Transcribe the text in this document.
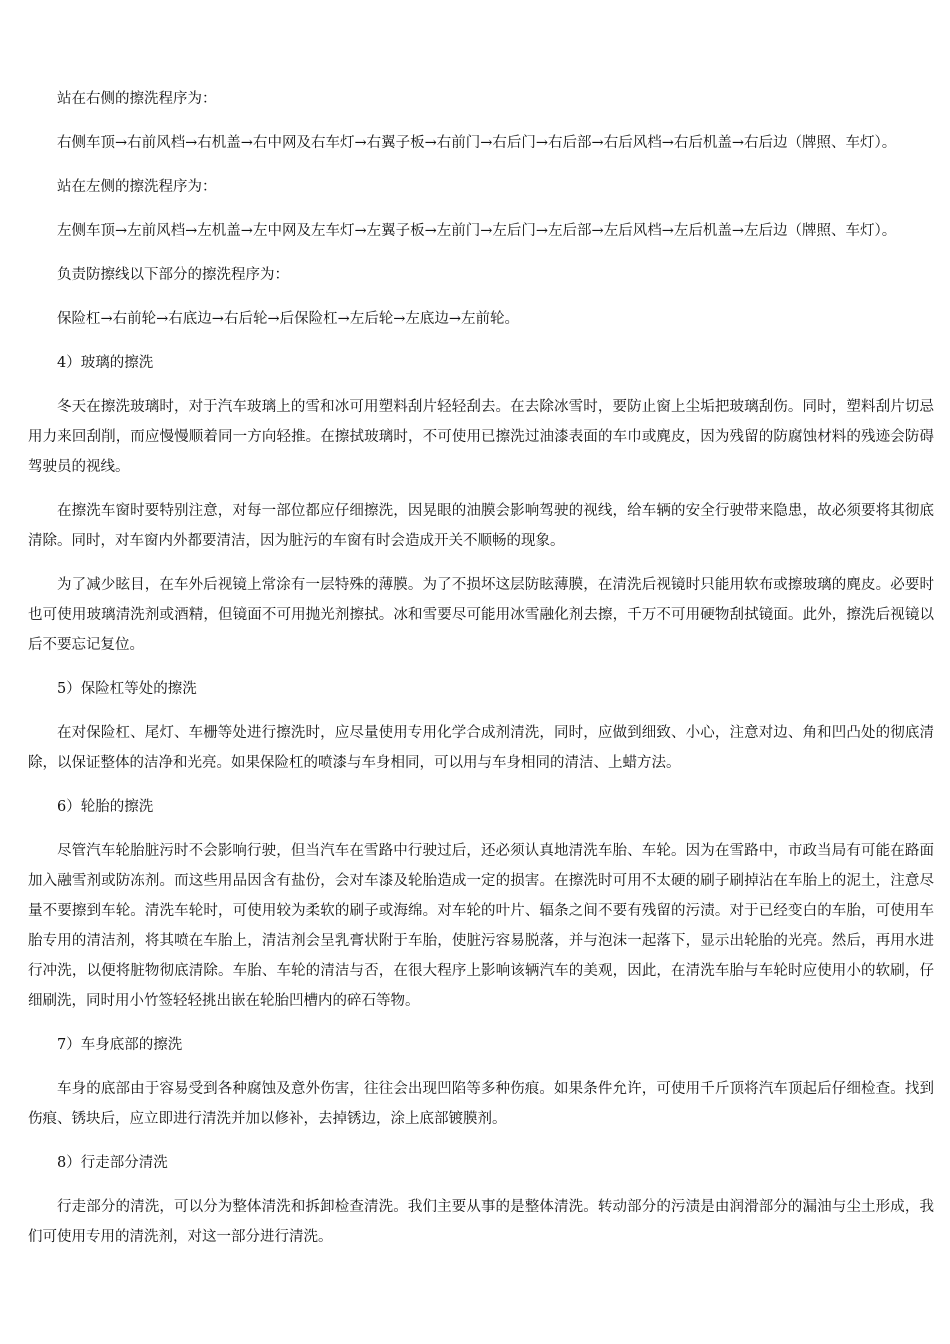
站在右侧的擦洗程序为：

右侧车顶→右前风档→右机盖→右中网及右车灯→右翼子板→右前门→右后门→右后部→右后风档→右后机盖→右后边（牌照、车灯）。

站在左侧的擦洗程序为：

左侧车顶→左前风档→左机盖→左中网及左车灯→左翼子板→左前门→左后门→左后部→左后风档→左后机盖→左后边（牌照、车灯）。

负责防擦线以下部分的擦洗程序为：

保险杠→右前轮→右底边→右后轮→后保险杠→左后轮→左底边→左前轮。

4）玻璃的擦洗

冬天在擦洗玻璃时，对于汽车玻璃上的雪和冰可用塑料刮片轻轻刮去。在去除冰雪时，要防止窗上尘垢把玻璃刮伤。同时，塑料刮片切忌用力来回刮削，而应慢慢顺着同一方向轻推。在擦拭玻璃时，不可使用已擦洗过油漆表面的车巾或麂皮，因为残留的防腐蚀材料的残迹会防碍驾驶员的视线。

在擦洗车窗时要特别注意，对每一部位都应仔细擦洗，因晃眼的油膜会影响驾驶的视线，给车辆的安全行驶带来隐患，故必须要将其彻底清除。同时，对车窗内外都要清洁，因为脏污的车窗有时会造成开关不顺畅的现象。

为了减少眩目，在车外后视镜上常涂有一层特殊的薄膜。为了不损坏这层防眩薄膜，在清洗后视镜时只能用软布或擦玻璃的麂皮。必要时也可使用玻璃清洗剂或酒精，但镜面不可用抛光剂擦拭。冰和雪要尽可能用冰雪融化剂去擦，千万不可用硬物刮拭镜面。此外，擦洗后视镜以后不要忘记复位。

5）保险杠等处的擦洗

在对保险杠、尾灯、车栅等处进行擦洗时，应尽量使用专用化学合成剂清洗，同时，应做到细致、小心，注意对边、角和凹凸处的彻底清除，以保证整体的洁净和光亮。如果保险杠的喷漆与车身相同，可以用与车身相同的清洁、上蜡方法。

6）轮胎的擦洗

尽管汽车轮胎脏污时不会影响行驶，但当汽车在雪路中行驶过后，还必须认真地清洗车胎、车轮。因为在雪路中，市政当局有可能在路面加入融雪剂或防冻剂。而这些用品因含有盐份，会对车漆及轮胎造成一定的损害。在擦洗时可用不太硬的刷子刷掉沾在车胎上的泥土，注意尽量不要擦到车轮。清洗车轮时，可使用较为柔软的刷子或海绵。对车轮的叶片、辐条之间不要有残留的污渍。对于已经变白的车胎，可使用车胎专用的清洁剂，将其喷在车胎上，清洁剂会呈乳膏状附于车胎，使脏污容易脱落，并与泡沫一起落下，显示出轮胎的光亮。然后，再用水进行冲洗，以便将脏物彻底清除。车胎、车轮的清洁与否，在很大程序上影响该辆汽车的美观，因此，在清洗车胎与车轮时应使用小的软刷，仔细刷洗，同时用小竹签轻轻挑出嵌在轮胎凹槽内的碎石等物。

7）车身底部的擦洗

车身的底部由于容易受到各种腐蚀及意外伤害，往往会出现凹陷等多种伤痕。如果条件允许，可使用千斤顶将汽车顶起后仔细检查。找到伤痕、锈块后，应立即进行清洗并加以修补，去掉锈边，涂上底部镀膜剂。

8）行走部分清洗

行走部分的清洗，可以分为整体清洗和拆卸检查清洗。我们主要从事的是整体清洗。转动部分的污渍是由润滑部分的漏油与尘土形成，我们可使用专用的清洗剂，对这一部分进行清洗。
